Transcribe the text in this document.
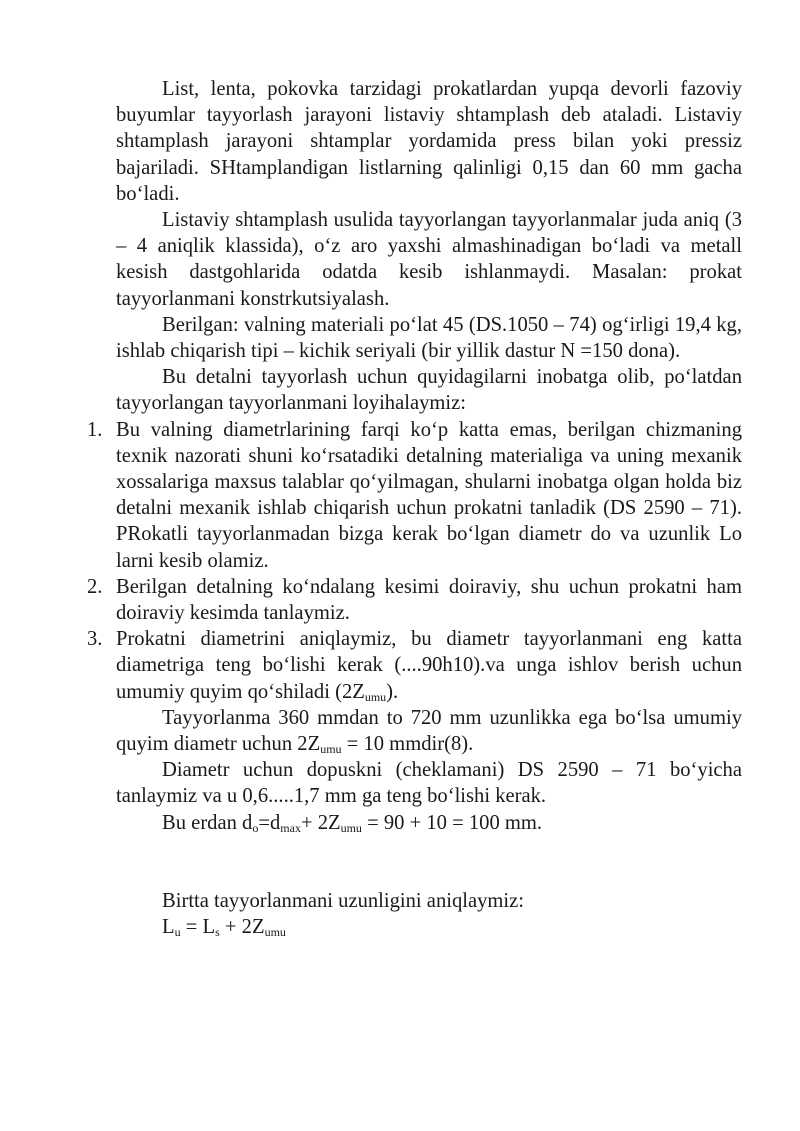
List, lenta, pokovka tarzidagi prokatlardan yupqa devorli fazoviy buyumlar tayyorlash jarayoni listaviy shtamplash deb ataladi. Listaviy shtamplash jarayoni shtamplar yordamida press bilan yoki pressiz bajariladi. SHtamplandigan listlarning qalinligi 0,15 dan 60 mm gacha bo‘ladi.

Listaviy shtamplash usulida tayyorlangan tayyorlanmalar juda aniq (3 – 4 aniqlik klassida), o‘z aro yaxshi almashinadigan bo‘ladi va metall kesish dastgohlarida odatda kesib ishlanmaydi. Masalan: prokat tayyorlanmani konstrkutsiyalash.

Berilgan: valning materiali po‘lat 45 (DS.1050 – 74) og‘irligi 19,4 kg, ishlab chiqarish tipi – kichik seriyali (bir yillik dastur N =150 dona).

Bu detalni tayyorlash uchun quyidagilarni inobatga olib, po‘latdan tayyorlangan tayyorlanmani loyihalaymiz:

1. Bu valning diametrlarining farqi ko‘p katta emas, berilgan chizmaning texnik nazorati shuni ko‘rsatadiki detalning materialiga va uning mexanik xossalariga maxsus talablar qo‘yilmagan, shularni inobatga olgan holda biz detalni mexanik ishlab chiqarish uchun prokatni tanladik (DS 2590 – 71). PRokatli tayyorlanmadan bizga kerak bo‘lgan diametr do va uzunlik Lo larni kesib olamiz.
2. Berilgan detalning ko‘ndalang kesimi doiraviy, shu uchun prokatni ham doiraviy kesimda tanlaymiz.
3. Prokatni diametrini aniqlaymiz, bu diametr tayyorlanmani eng katta diametriga teng bo‘lishi kerak (....90h10).va unga ishlov berish uchun umumiy quyim qo‘shiladi $(2Z_{umu})$.

Tayyorlanma 360 mmdan to 720 mm uzunlikka ega bo‘lsa umumiy quyim diametr uchun $2Z_{umu} = 10$ mmdir(8).

Diametr uchun dopuskni (cheklamani) DS 2590 – 71 bo‘yicha tanlaymiz va u 0,6.....1,7 mm ga teng bo‘lishi kerak.

Bu erdan $d_o=d_{max}+ 2Z_{umu} = 90 + 10 = 100$ mm.

Birtta tayyorlanmani uzunligini aniqlaymiz:

$L_u = L_s + 2Z_{umu}$
